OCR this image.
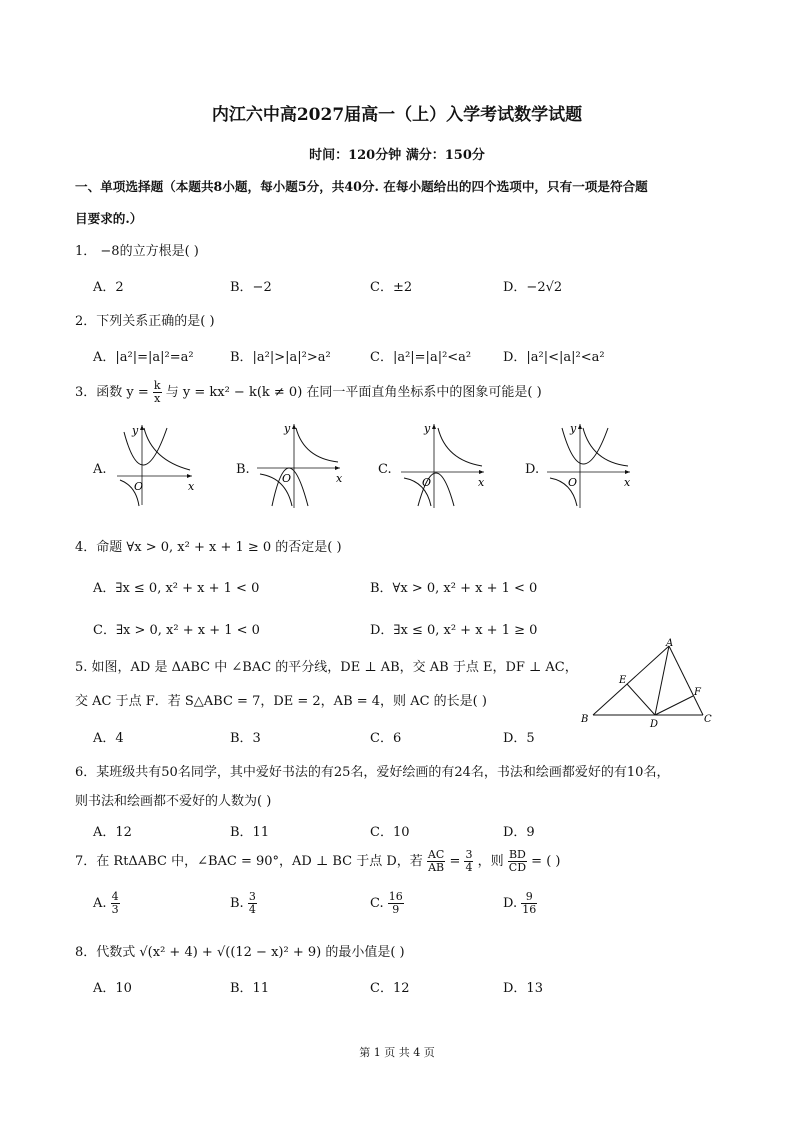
内江六中高2027届高一（上）入学考试数学试题
时间：120分钟 满分：150分
一、单项选择题（本题共8小题，每小题5分，共40分. 在每小题给出的四个选项中，只有一项是符合题
目要求的.）
1． −8的立方根是( )
A．2	B．−2	C．±2	D．−2√2
2．下列关系正确的是( )
A．|a²|=|a|²=a²	B．|a²|>|a|²>a²	C．|a²|=|a|²<a² D．|a²|<|a|²<a²
3．函数 $y = \frac{k}{x}$ 与 y = kx² − k(k ≠ 0) 在同一平面直角坐标系中的图象可能是( )
A.
O	x
y
B.
O	x
y
C.
O	x
y
D.
O	x
y
4．命题 ∀x > 0, x² + x + 1 ≥ 0 的否定是( )
A．∃x ≤ 0, x² + x + 1 < 0	B．∀x > 0, x² + x + 1 < 0
C．∃x > 0, x² + x + 1 < 0	D．∃x ≤ 0, x² + x + 1 ≥ 0
5. 如图，AD 是 ΔABC 中 ∠BAC 的平分线，DE ⊥ AB，交 AB 于点 E，DF ⊥ AC，
交 AC 于点 F．若 S△ABC = 7，DE = 2，AB = 4，则 AC 的长是( )
A．4	B．3	C．6	D．5
A
B	C
D
E
F
6．某班级共有50名同学，其中爱好书法的有25名，爱好绘画的有24名，书法和绘画都爱好的有10名，
则书法和绘画都不爱好的人数为( )
A．12	B．11	C．10	D．9
7．在 RtΔABC 中，∠BAC = 90°，AD ⊥ BC 于点 D，若 $\frac{AC}{AB} = \frac{3}{4}$ ，则 $\frac{BD}{CD}$ = ( )
A. $\frac{4}{3}$	B. $\frac{3}{4}$	C. $\frac{16}{9}$	D. $\frac{9}{16}$
8．代数式 √(x² + 4) + √((12 − x)² + 9) 的最小值是( )
A．10	B．11	C．12	D．13
第 1 页 共 4 页
